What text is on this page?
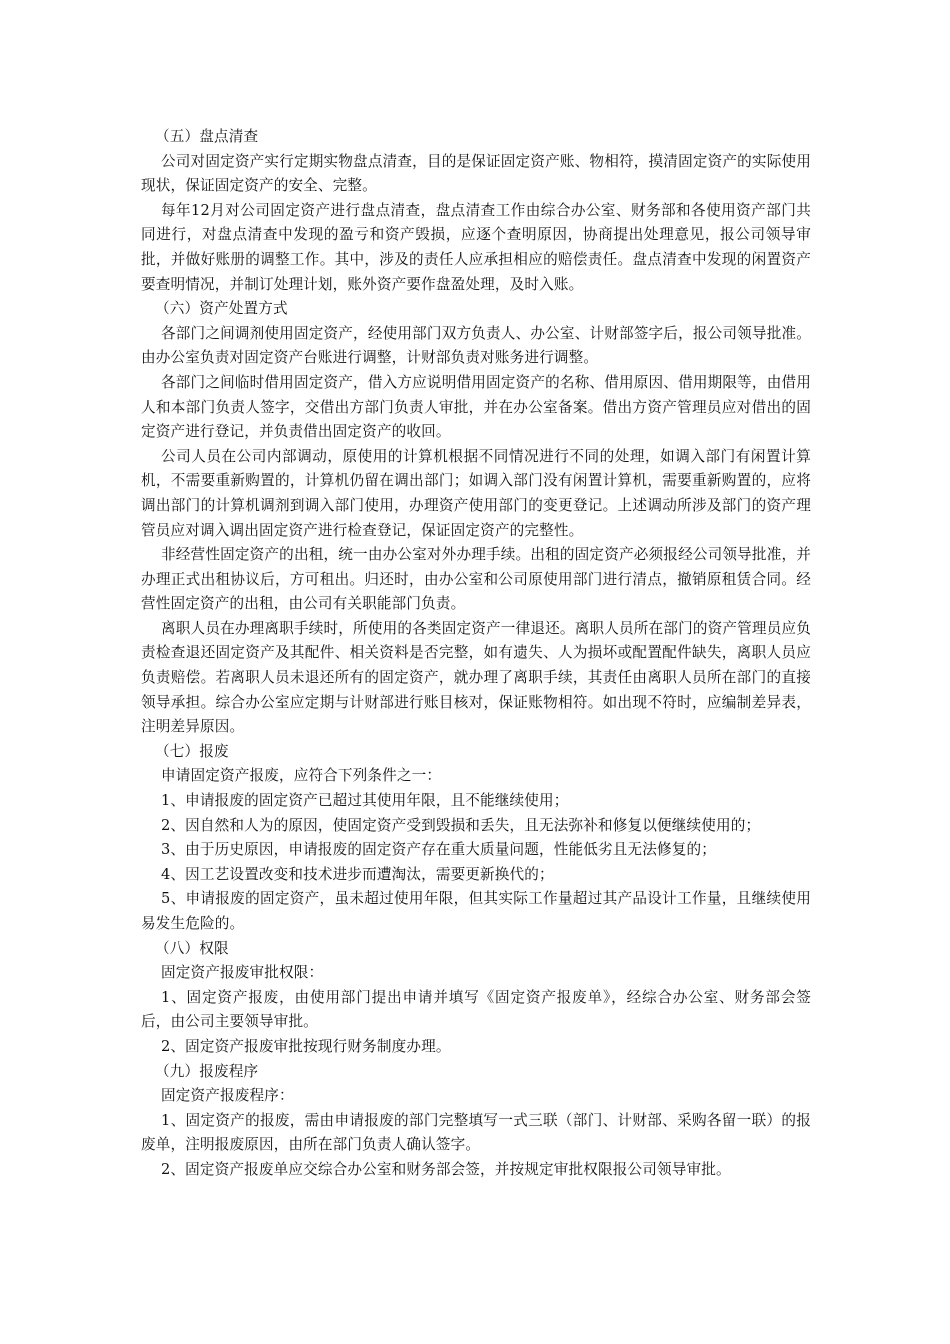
（五）盘点清查

公司对固定资产实行定期实物盘点清查，目的是保证固定资产账、物相符，摸清固定资产的实际使用现状，保证固定资产的安全、完整。

每年12月对公司固定资产进行盘点清查，盘点清查工作由综合办公室、财务部和各使用资产部门共同进行，对盘点清查中发现的盈亏和资产毁损，应逐个查明原因，协商提出处理意见，报公司领导审批，并做好账册的调整工作。其中，涉及的责任人应承担相应的赔偿责任。盘点清查中发现的闲置资产要查明情况，并制订处理计划，账外资产要作盘盈处理，及时入账。

（六）资产处置方式

各部门之间调剂使用固定资产，经使用部门双方负责人、办公室、计财部签字后，报公司领导批准。由办公室负责对固定资产台账进行调整，计财部负责对账务进行调整。

各部门之间临时借用固定资产，借入方应说明借用固定资产的名称、借用原因、借用期限等，由借用人和本部门负责人签字，交借出方部门负责人审批，并在办公室备案。借出方资产管理员应对借出的固定资产进行登记，并负责借出固定资产的收回。

公司人员在公司内部调动，原使用的计算机根据不同情况进行不同的处理，如调入部门有闲置计算机，不需要重新购置的，计算机仍留在调出部门；如调入部门没有闲置计算机，需要重新购置的，应将调出部门的计算机调剂到调入部门使用，办理资产使用部门的变更登记。上述调动所涉及部门的资产理管员应对调入调出固定资产进行检查登记，保证固定资产的完整性。

非经营性固定资产的出租，统一由办公室对外办理手续。出租的固定资产必须报经公司领导批准，并办理正式出租协议后，方可租出。归还时，由办公室和公司原使用部门进行清点，撤销原租赁合同。经营性固定资产的出租，由公司有关职能部门负责。

离职人员在办理离职手续时，所使用的各类固定资产一律退还。离职人员所在部门的资产管理员应负责检查退还固定资产及其配件、相关资料是否完整，如有遗失、人为损坏或配置配件缺失，离职人员应负责赔偿。若离职人员未退还所有的固定资产，就办理了离职手续，其责任由离职人员所在部门的直接领导承担。综合办公室应定期与计财部进行账目核对，保证账物相符。如出现不符时，应编制差异表，注明差异原因。

（七）报废

申请固定资产报废，应符合下列条件之一：

1、申请报废的固定资产已超过其使用年限，且不能继续使用；

2、因自然和人为的原因，使固定资产受到毁损和丢失，且无法弥补和修复以便继续使用的；

3、由于历史原因，申请报废的固定资产存在重大质量问题，性能低劣且无法修复的；

4、因工艺设置改变和技术进步而遭淘汰，需要更新换代的；

5、申请报废的固定资产，虽未超过使用年限，但其实际工作量超过其产品设计工作量，且继续使用易发生危险的。

（八）权限

固定资产报废审批权限：

1、固定资产报废，由使用部门提出申请并填写《固定资产报废单》，经综合办公室、财务部会签后，由公司主要领导审批。

2、固定资产报废审批按现行财务制度办理。

（九）报废程序

固定资产报废程序：

1、固定资产的报废，需由申请报废的部门完整填写一式三联（部门、计财部、采购各留一联）的报废单，注明报废原因，由所在部门负责人确认签字。

2、固定资产报废单应交综合办公室和财务部会签，并按规定审批权限报公司领导审批。
